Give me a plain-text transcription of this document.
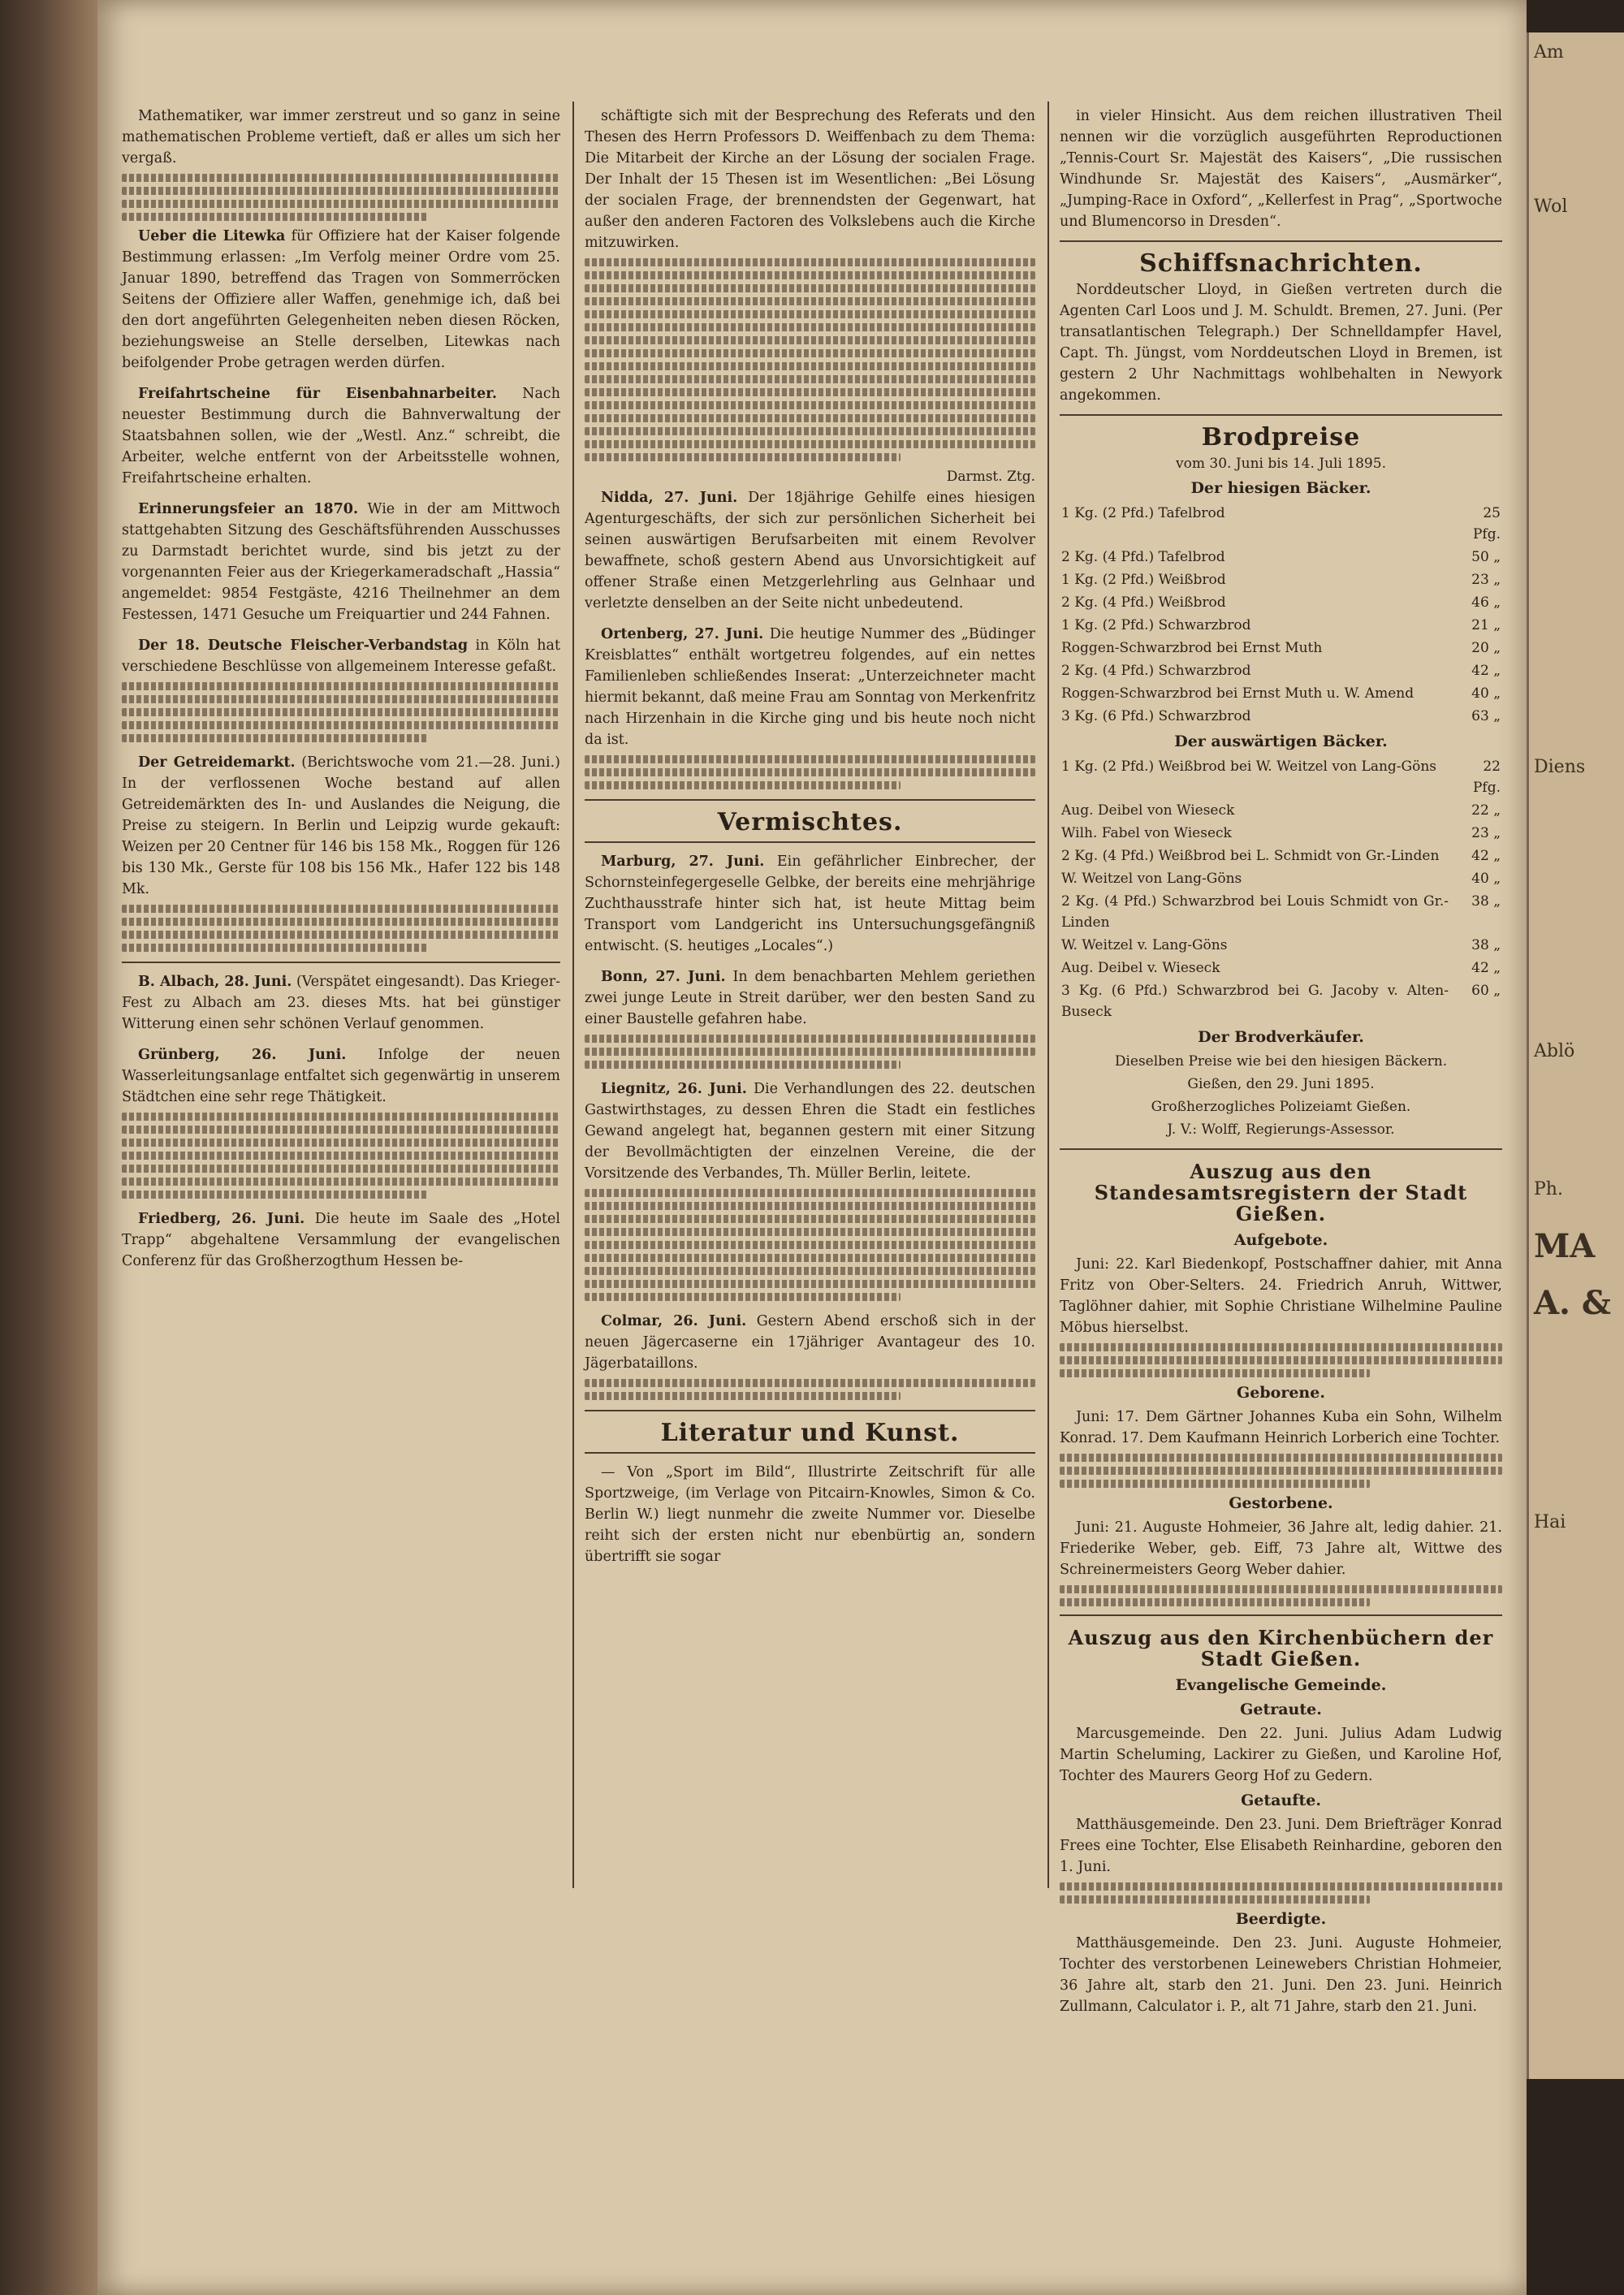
Mathematiker, war immer zerstreut und so ganz in seine mathematischen Probleme vertieft, daß er alles um sich her vergaß.

Ueber die Litewka für Offiziere hat der Kaiser folgende Bestimmung erlassen: „Im Verfolg meiner Ordre vom 25. Januar 1890, betreffend das Tragen von Sommerröcken Seitens der Offiziere aller Waffen, genehmige ich, daß bei den dort angeführten Gelegenheiten neben diesen Röcken, beziehungsweise an Stelle derselben, Litewkas nach beifolgender Probe getragen werden dürfen.

Freifahrtscheine für Eisenbahnarbeiter. Nach neuester Bestimmung durch die Bahnverwaltung der Staatsbahnen sollen, wie der „Westl. Anz.“ schreibt, die Arbeiter, welche entfernt von der Arbeitsstelle wohnen, Freifahrtscheine erhalten.

Erinnerungsfeier an 1870. Wie in der am Mittwoch stattgehabten Sitzung des Geschäftsführenden Ausschusses zu Darmstadt berichtet wurde, sind bis jetzt zu der vorgenannten Feier aus der Kriegerkameradschaft „Hassia“ angemeldet: 9854 Festgäste, 4216 Theilnehmer an dem Festessen, 1471 Gesuche um Freiquartier und 244 Fahnen.

Der 18. Deutsche Fleischer-Verbandstag in Köln hat verschiedene Beschlüsse von allgemeinem Interesse gefaßt.

Der Getreidemarkt. (Berichtswoche vom 21.—28. Juni.) In der verflossenen Woche bestand auf allen Getreidemärkten des In- und Auslandes die Neigung, die Preise zu steigern. In Berlin und Leipzig wurde gekauft: Weizen per 20 Centner für 146 bis 158 Mk., Roggen für 126 bis 130 Mk., Gerste für 108 bis 156 Mk., Hafer 122 bis 148 Mk.

B. Albach, 28. Juni. (Verspätet eingesandt). Das Krieger-Fest zu Albach am 23. dieses Mts. hat bei günstiger Witterung einen sehr schönen Verlauf genommen.

Grünberg, 26. Juni. Infolge der neuen Wasserleitungsanlage entfaltet sich gegenwärtig in unserem Städtchen eine sehr rege Thätigkeit.

Friedberg, 26. Juni. Die heute im Saale des „Hotel Trapp“ abgehaltene Versammlung der evangelischen Conferenz für das Großherzogthum Hessen be-

schäftigte sich mit der Besprechung des Referats und den Thesen des Herrn Professors D. Weiffenbach zu dem Thema: Die Mitarbeit der Kirche an der Lösung der socialen Frage. Der Inhalt der 15 Thesen ist im Wesentlichen: „Bei Lösung der socialen Frage, der brennendsten der Gegenwart, hat außer den anderen Factoren des Volkslebens auch die Kirche mitzuwirken.

Darmst. Ztg.

Nidda, 27. Juni. Der 18jährige Gehilfe eines hiesigen Agenturgeschäfts, der sich zur persönlichen Sicherheit bei seinen auswärtigen Berufsarbeiten mit einem Revolver bewaffnete, schoß gestern Abend aus Unvorsichtigkeit auf offener Straße einen Metzgerlehrling aus Gelnhaar und verletzte denselben an der Seite nicht unbedeutend.

Ortenberg, 27. Juni. Die heutige Nummer des „Büdinger Kreisblattes“ enthält wortgetreu folgendes, auf ein nettes Familienleben schließendes Inserat: „Unterzeichneter macht hiermit bekannt, daß meine Frau am Sonntag von Merkenfritz nach Hirzenhain in die Kirche ging und bis heute noch nicht da ist.

Vermischtes.

Marburg, 27. Juni. Ein gefährlicher Einbrecher, der Schornsteinfegergeselle Gelbke, der bereits eine mehrjährige Zuchthausstrafe hinter sich hat, ist heute Mittag beim Transport vom Landgericht ins Untersuchungsgefängniß entwischt. (S. heutiges „Locales“.)

Bonn, 27. Juni. In dem benachbarten Mehlem geriethen zwei junge Leute in Streit darüber, wer den besten Sand zu einer Baustelle gefahren habe.

Liegnitz, 26. Juni. Die Verhandlungen des 22. deutschen Gastwirthstages, zu dessen Ehren die Stadt ein festliches Gewand angelegt hat, begannen gestern mit einer Sitzung der Bevollmächtigten der einzelnen Vereine, die der Vorsitzende des Verbandes, Th. Müller Berlin, leitete.

Colmar, 26. Juni. Gestern Abend erschoß sich in der neuen Jägercaserne ein 17jähriger Avantageur des 10. Jägerbataillons.

Literatur und Kunst.

— Von „Sport im Bild“, Illustrirte Zeitschrift für alle Sportzweige, (im Verlage von Pitcairn-Knowles, Simon & Co. Berlin W.) liegt nunmehr die zweite Nummer vor. Dieselbe reiht sich der ersten nicht nur ebenbürtig an, sondern übertrifft sie sogar

in vieler Hinsicht. Aus dem reichen illustrativen Theil nennen wir die vorzüglich ausgeführten Reproductionen „Tennis-Court Sr. Majestät des Kaisers“, „Die russischen Windhunde Sr. Majestät des Kaisers“, „Ausmärker“, „Jumping-Race in Oxford“, „Kellerfest in Prag“, „Sportwoche und Blumencorso in Dresden“.

Schiffsnachrichten.

Norddeutscher Lloyd, in Gießen vertreten durch die Agenten Carl Loos und J. M. Schuldt. Bremen, 27. Juni. (Per transatlantischen Telegraph.) Der Schnelldampfer Havel, Capt. Th. Jüngst, vom Norddeutschen Lloyd in Bremen, ist gestern 2 Uhr Nachmittags wohlbehalten in Newyork angekommen.

Brodpreise
vom 30. Juni bis 14. Juli 1895.
Der hiesigen Bäcker.
1 Kg. (2 Pfd.) Tafelbrod	25 Pfg.
2 Kg. (4 Pfd.) Tafelbrod	50 „
1 Kg. (2 Pfd.) Weißbrod	23 „
2 Kg. (4 Pfd.) Weißbrod	46 „
1 Kg. (2 Pfd.) Schwarzbrod	21 „
Roggen-Schwarzbrod bei Ernst Muth	20 „
2 Kg. (4 Pfd.) Schwarzbrod	42 „
Roggen-Schwarzbrod bei Ernst Muth u. W. Amend	40 „
3 Kg. (6 Pfd.) Schwarzbrod	63 „
Der auswärtigen Bäcker.
1 Kg. (2 Pfd.) Weißbrod bei W. Weitzel von Lang-Göns	22 Pfg.
Aug. Deibel von Wieseck	22 „
Wilh. Fabel von Wieseck	23 „
2 Kg. (4 Pfd.) Weißbrod bei L. Schmidt von Gr.-Linden	42 „
W. Weitzel von Lang-Göns	40 „
2 Kg. (4 Pfd.) Schwarzbrod bei Louis Schmidt von Gr.-Linden	38 „
W. Weitzel v. Lang-Göns	38 „
Aug. Deibel v. Wieseck	42 „
3 Kg. (6 Pfd.) Schwarzbrod bei G. Jacoby v. Alten-Buseck	60 „
Der Brodverkäufer.
Dieselben Preise wie bei den hiesigen Bäckern.
Gießen, den 29. Juni 1895.
Großherzogliches Polizeiamt Gießen.
J. V.: Wolff, Regierungs-Assessor.
Auszug aus den Standesamtsregistern der Stadt Gießen.
Aufgebote.

Juni: 22. Karl Biedenkopf, Postschaffner dahier, mit Anna Fritz von Ober-Selters. 24. Friedrich Anruh, Wittwer, Taglöhner dahier, mit Sophie Christiane Wilhelmine Pauline Möbus hierselbst.

Geborene.

Juni: 17. Dem Gärtner Johannes Kuba ein Sohn, Wilhelm Konrad. 17. Dem Kaufmann Heinrich Lorberich eine Tochter.

Gestorbene.

Juni: 21. Auguste Hohmeier, 36 Jahre alt, ledig dahier. 21. Friederike Weber, geb. Eiff, 73 Jahre alt, Wittwe des Schreinermeisters Georg Weber dahier.

Auszug aus den Kirchenbüchern der Stadt Gießen.
Evangelische Gemeinde.
Getraute.

Marcusgemeinde. Den 22. Juni. Julius Adam Ludwig Martin Scheluming, Lackirer zu Gießen, und Karoline Hof, Tochter des Maurers Georg Hof zu Gedern.

Getaufte.

Matthäusgemeinde. Den 23. Juni. Dem Briefträger Konrad Frees eine Tochter, Else Elisabeth Reinhardine, geboren den 1. Juni.

Beerdigte.

Matthäusgemeinde. Den 23. Juni. Auguste Hohmeier, Tochter des verstorbenen Leinewebers Christian Hohmeier, 36 Jahre alt, starb den 21. Juni. Den 23. Juni. Heinrich Zullmann, Calculator i. P., alt 71 Jahre, starb den 21. Juni.

Am
Wol
Diens
Ablö
Ph.
MA
A. &
Hai
